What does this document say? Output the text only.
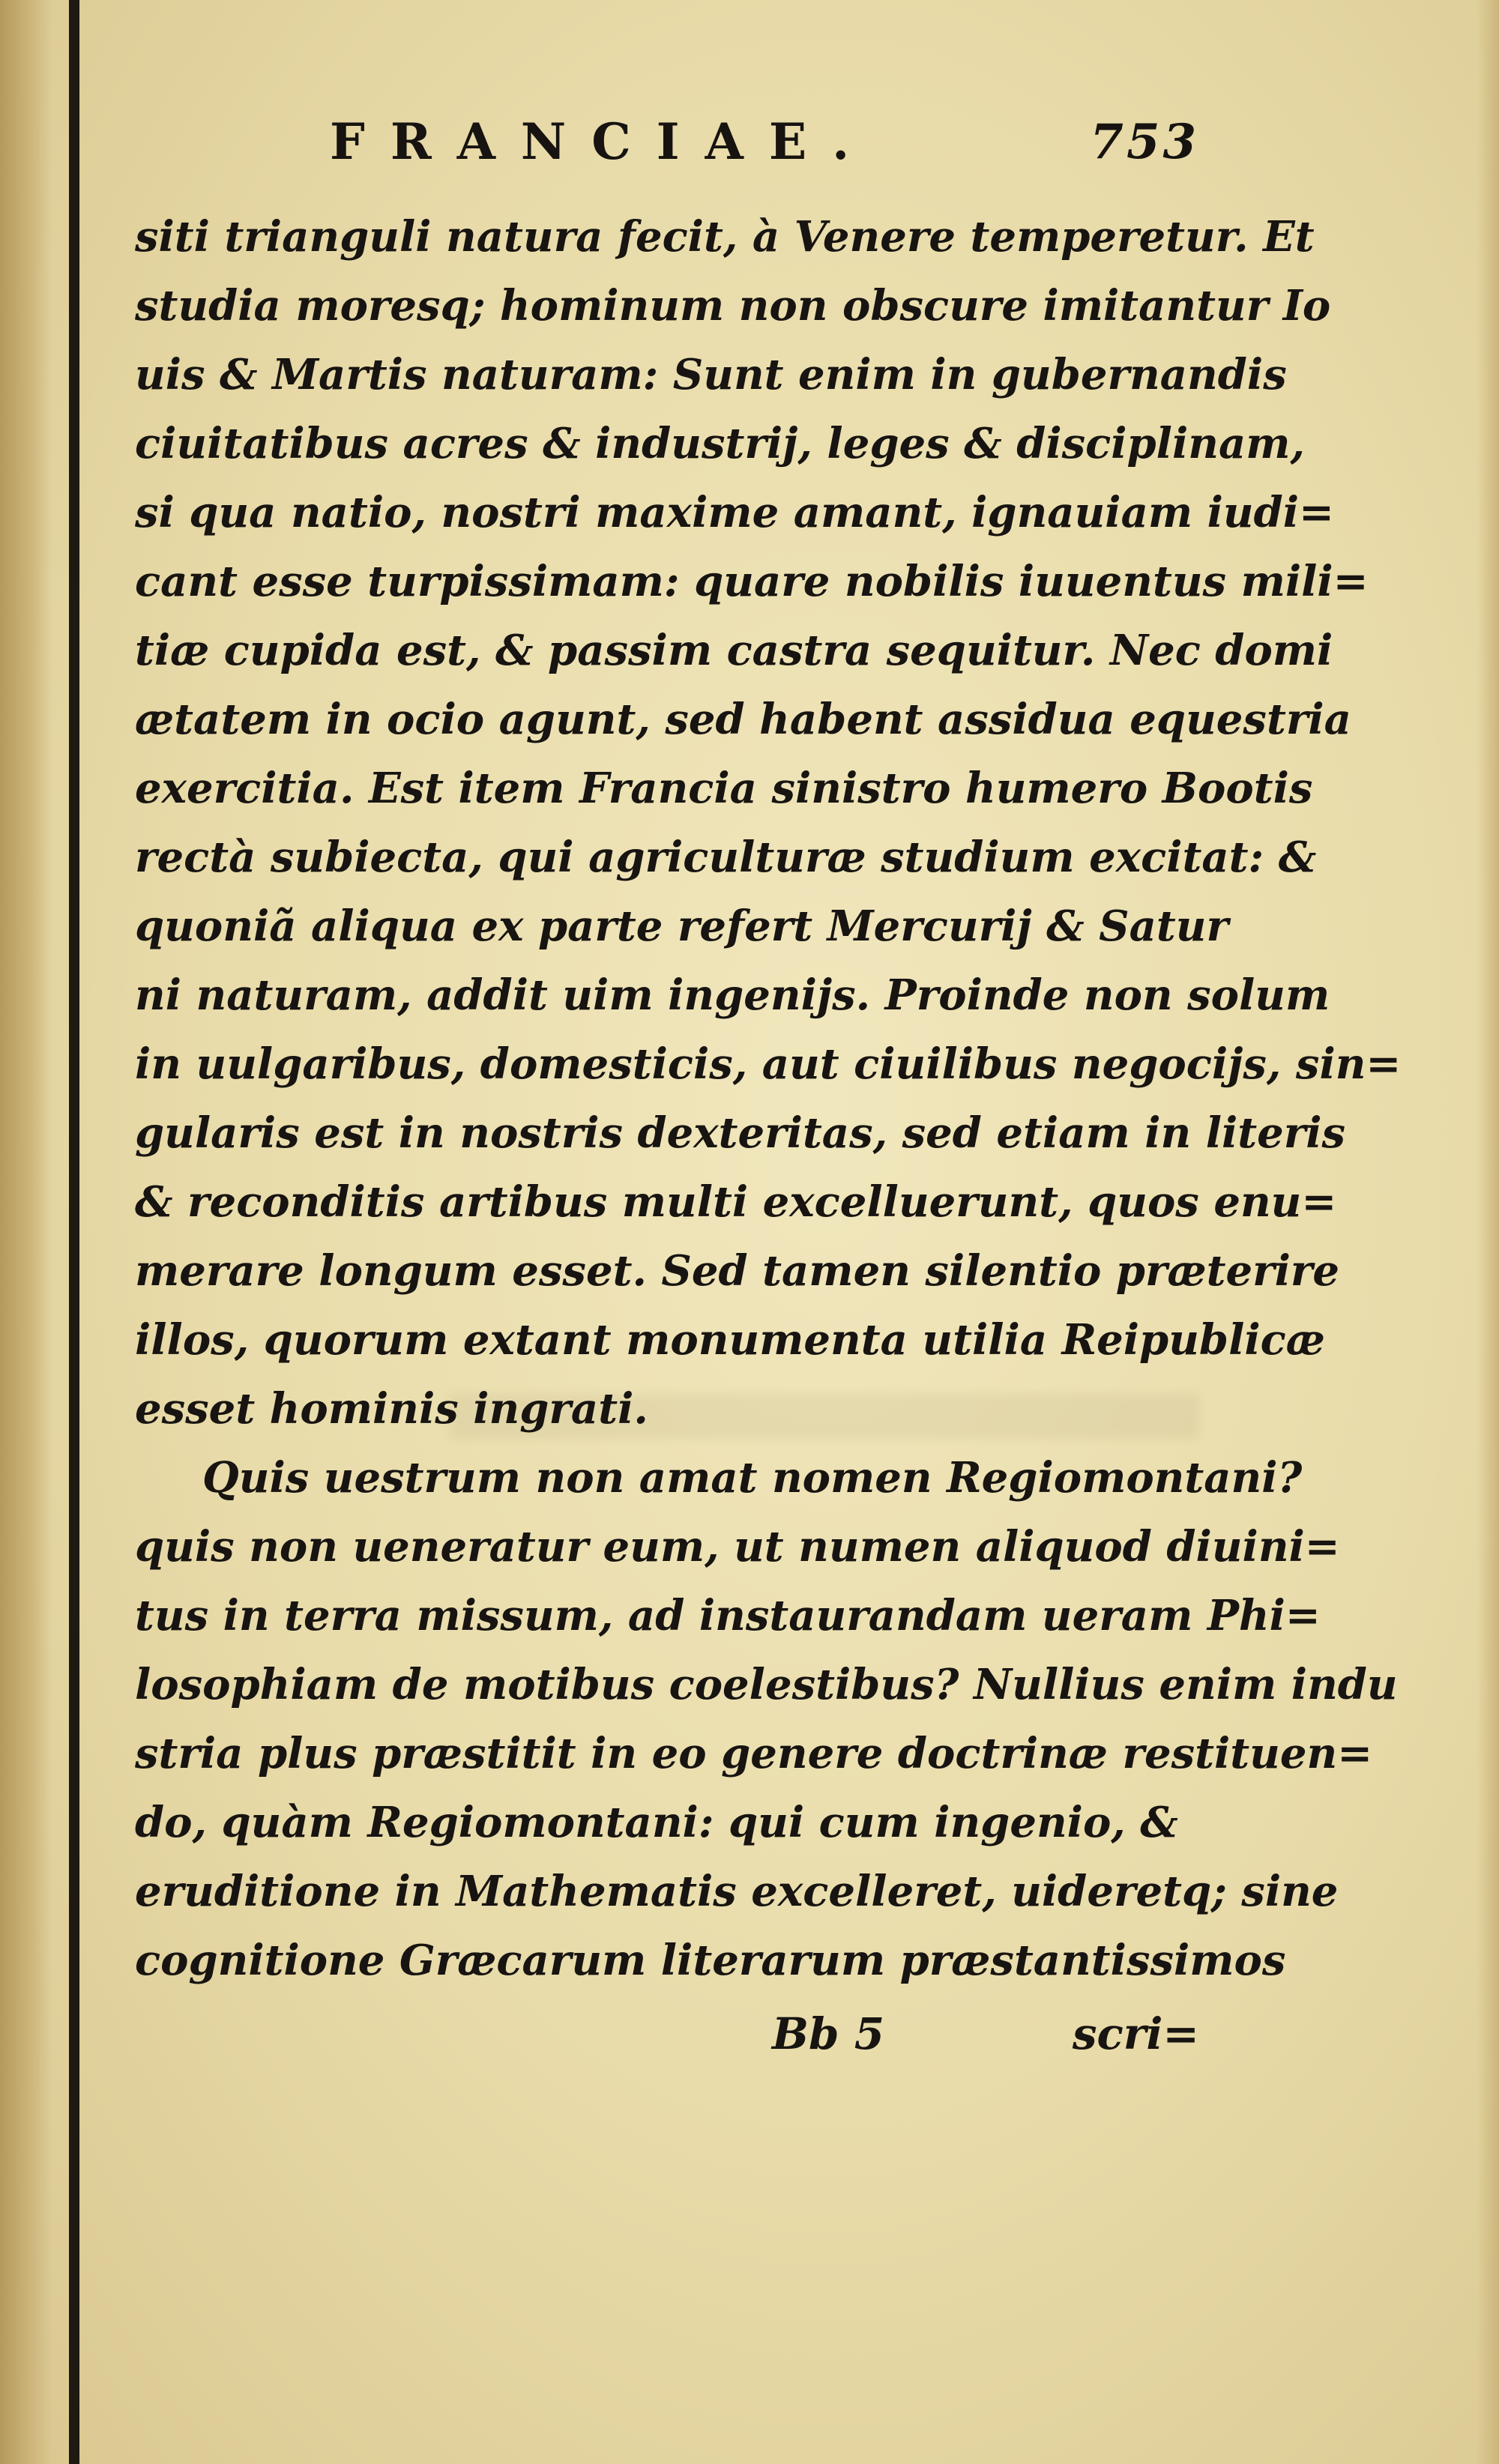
FRANCIAE.	753
siti trianguli natura fecit, à Venere temperetur. Et
studia moresq; hominum non obscure imitantur Io
uis & Martis naturam: Sunt enim in gubernandis
ciuitatibus acres & industrij, leges & disciplinam,
si qua natio, nostri maxime amant, ignauiam iudi=
cant esse turpissimam: quare nobilis iuuentus mili=
tiæ cupida est, & passim castra sequitur. Nec domi
ætatem in ocio agunt, sed habent assidua equestria
exercitia. Est item Francia sinistro humero Bootis
rectà subiecta, qui agriculturæ studium excitat: &
quoniã aliqua ex parte refert Mercurij & Satur
ni naturam, addit uim ingenijs. Proinde non solum
in uulgaribus, domesticis, aut ciuilibus negocijs, sin=
gularis est in nostris dexteritas, sed etiam in literis
& reconditis artibus multi excelluerunt, quos enu=
merare longum esset. Sed tamen silentio præterire
illos, quorum extant monumenta utilia Reipublicæ
esset hominis ingrati.
Quis uestrum non amat nomen Regiomontani?
quis non ueneratur eum, ut numen aliquod diuini=
tus in terra missum, ad instaurandam ueram Phi=
losophiam de motibus coelestibus? Nullius enim indu
stria plus præstitit in eo genere doctrinæ restituen=
do, quàm Regiomontani: qui cum ingenio, &
eruditione in Mathematis excelleret, uideretq; sine
cognitione Græcarum literarum præstantissimos
Bb 5	scri=
